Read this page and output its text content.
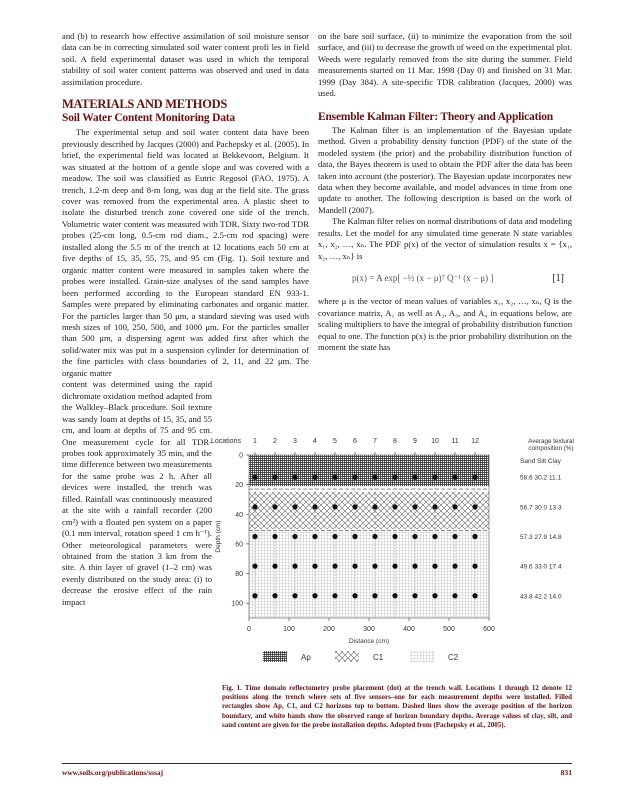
and (b) to research how effective assimilation of soil moisture sensor data can be in correcting simulated soil water content profi les in field soil. A field experimental dataset was used in which the temporal stability of soil water content patterns was observed and used in data assimilation procedure.

MATERIALS AND METHODS

Soil Water Content Monitoring Data

The experimental setup and soil water content data have been previously described by Jacques (2000) and Pachepsky et al. (2005). In brief, the experimental field was located at Bekkevoort, Belgium. It was situated at the bottom of a gentle slope and was covered with a meadow. The soil was classified as Eutric Regosol (FAO, 1975). A trench, 1.2-m deep and 8-m long, was dug at the field site. The grass cover was removed from the experimental area. A plastic sheet to isolate the disturbed trench zone covered one side of the trench. Volumetric water content was measured with TDR. Sixty two-rod TDR probes (25-cm long, 0.5-cm rod diam., 2.5-cm rod spacing) were installed along the 5.5 m of the trench at 12 locations each 50 cm at five depths of 15, 35, 55, 75, and 95 cm (Fig. 1). Soil texture and organic matter content were measured in samples taken where the probes were installed. Grain-size analyses of the sand samples have been performed according to the European standard EN 933-1. Samples were prepared by eliminating carbonates and organic matter. For the particles larger than 50 μm, a standard sieving was used with mesh sizes of 100, 250, 500, and 1000 μm. For the particles smaller than 500 μm, a dispersing agent was added first after which the solid/water mix was put in a suspension cylinder for determination of the fine particles with class boundaries of 2, 11, and 22 μm. The organic matter

content was determined using the rapid dichromate oxidation method adapted from the Walkley–Black procedure. Soil texture was sandy loam at depths of 15, 35, and 55 cm, and loam at depths of 75 and 95 cm. One measurement cycle for all TDR-probes took approximately 35 min, and the time difference between two measurements for the same probe was 2 h. After all devices were installed, the trench was filled. Rainfall was continuously measured at the site with a rainfall recorder (200 cm²) with a floated pen system on a paper (0.1 mm interval, rotation speed 1 cm h⁻¹). Other meteorological parameters were obtained from the station 3 km from the site. A thin layer of gravel (1–2 cm) was evenly distributed on the study area: (i) to decrease the erosive effect of the rain impact

on the bare soil surface, (ii) to minimize the evaporation from the soil surface, and (iii) to decrease the growth of weed on the experimental plot. Weeds were regularly removed from the site during the summer. Field measurements started on 11 Mar. 1998 (Day 0) and finished on 31 Mar. 1999 (Day 384). A site-specific TDR calibration (Jacques, 2000) was used.

Ensemble Kalman Filter: Theory and Application

The Kalman filter is an implementation of the Bayesian update method. Given a probability density function (PDF) of the state of the modeled system (the prior) and the probability distribution function of data, the Bayes theorem is used to obtain the PDF after the data has been taken into account (the posterior). The Bayesian update incorporates new data when they become available, and model advances in time from one update to another. The following description is based on the work of Mandell (2007).

The Kalman filter relies on normal distributions of data and modeling results. Let the model for any simulated time generate N state variables x₁, x₂, …, xₙ. The PDF p(x) of the vector of simulation results x = {x₁, x₂, …, xₙ} is

p(x) = A exp[ −½ (x − μ)ᵀ Q⁻¹ (x − μ) ]	[1]

where μ is the vector of mean values of variables x₁, x₂, …, xₙ, Q is the covariance matrix, A₁ as well as A₂, A₃, and A₄ in equations below, are scaling multipliers to have the integral of probability distribution function equal to one. The function p(x) is the prior probability distribution on the moment the state has

0	100	200	300	400	500	600
Distance (cm)
0
20
40
60
80
100
Depth (cm)
Locations 1 2 3 4 5 6 7 8 9 10 11 12	Average textural
composition (%)
Sand Silt Clay
58.6 30.2 11.1
56.7 30.0 13.3
57.3 27.9 14.8
49.6 33.0 17.4
43.8 42.2 14.0
Ap	C1	C2
Fig. 1. Time domain reflectometry probe placement (dot) at the trench wall. Locations 1 through 12 denote 12 positions along the trench where sets of five sensors–one for each measurement depths were installed. Filled rectangles show Ap, C1, and C2 horizons top to bottom. Dashed lines show the average position of the horizon boundary, and white bands show the observed range of horizon boundary depths. Average values of clay, silt, and sand content are given for the probe installation depths. Adopted from (Pachepsky et al., 2005).
www.soils.org/publications/sssaj	831
